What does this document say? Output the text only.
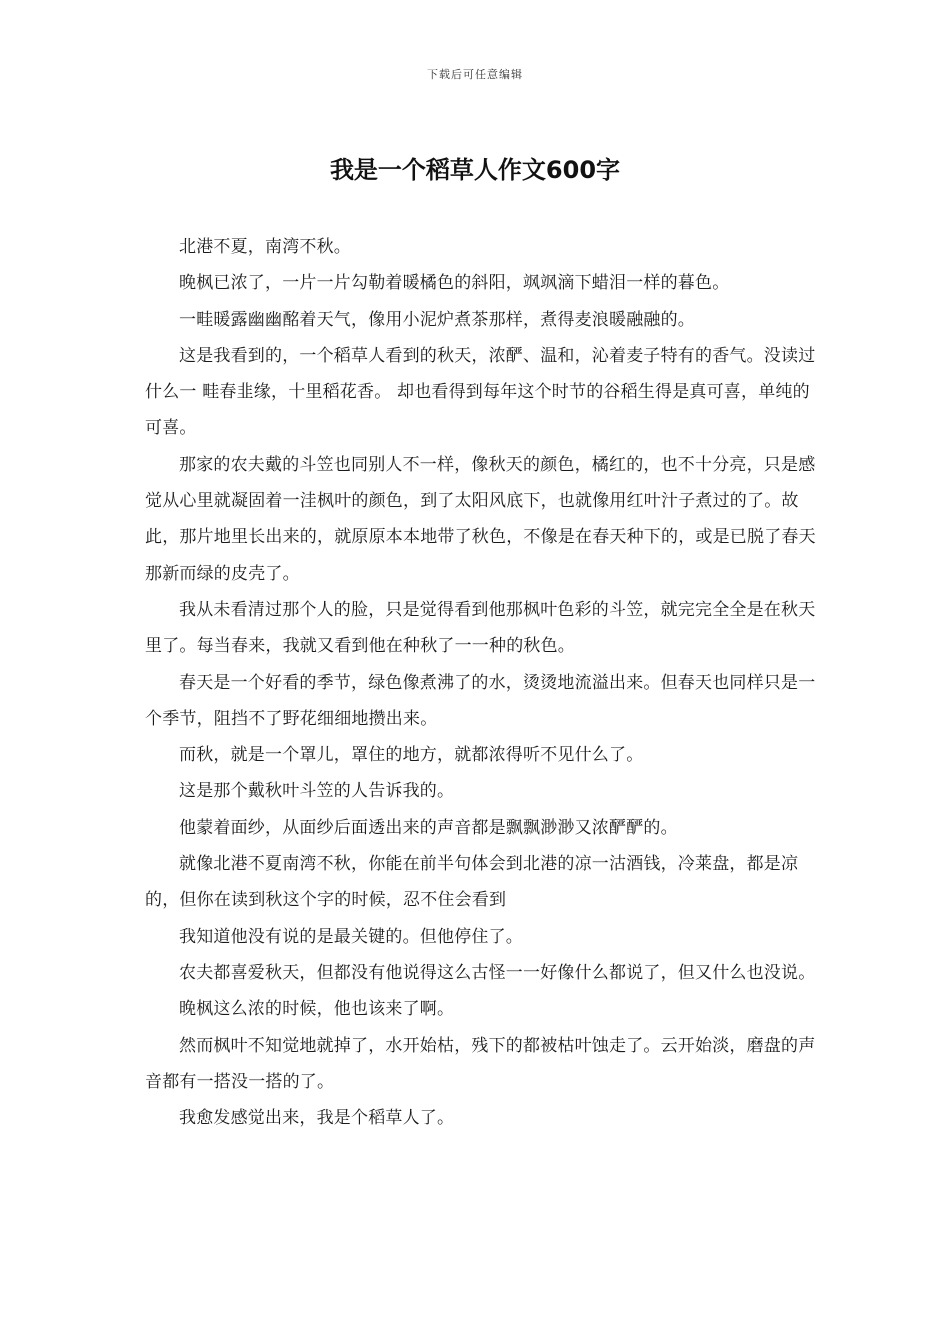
下载后可任意编辑
我是一个稻草人作文600字

北港不夏，南湾不秋。

晚枫已浓了，一片一片勾勒着暖橘色的斜阳，飒飒滴下蜡泪一样的暮色。

一畦暖露幽幽酩着天气，像用小泥炉煮茶那样，煮得麦浪暖融融的。

这是我看到的，一个稻草人看到的秋天，浓酽、温和，沁着麦子特有的香气。没读过什么一 畦春韭缘，十里稻花香。 却也看得到每年这个时节的谷稻生得是真可喜，单纯的可喜。

那家的农夫戴的斗笠也同别人不一样，像秋天的颜色，橘红的，也不十分亮，只是感觉从心里就凝固着一洼枫叶的颜色，到了太阳风底下，也就像用红叶汁子煮过的了。故此，那片地里长出来的，就原原本本地带了秋色，不像是在春天种下的，或是已脱了春天那新而绿的皮壳了。

我从未看清过那个人的脸，只是觉得看到他那枫叶色彩的斗笠，就完完全全是在秋天里了。每当春来，我就又看到他在种秋了一一种的秋色。

春天是一个好看的季节，绿色像煮沸了的水，烫烫地流溢出来。但春天也同样只是一个季节，阻挡不了野花细细地攒出来。

而秋，就是一个罩儿，罩住的地方，就都浓得听不见什么了。

这是那个戴秋叶斗笠的人告诉我的。

他蒙着面纱，从面纱后面透出来的声音都是飘飘渺渺又浓酽酽的。

就像北港不夏南湾不秋，你能在前半句体会到北港的凉一沽酒钱，冷莱盘，都是凉的，但你在读到秋这个字的时候，忍不住会看到

我知道他没有说的是最关键的。但他停住了。

农夫都喜爱秋天，但都没有他说得这么古怪一一好像什么都说了，但又什么也没说。

晚枫这么浓的时候，他也该来了啊。

然而枫叶不知觉地就掉了，水开始枯，残下的都被枯叶蚀走了。云开始淡，磨盘的声音都有一搭没一搭的了。

我愈发感觉出来，我是个稻草人了。
